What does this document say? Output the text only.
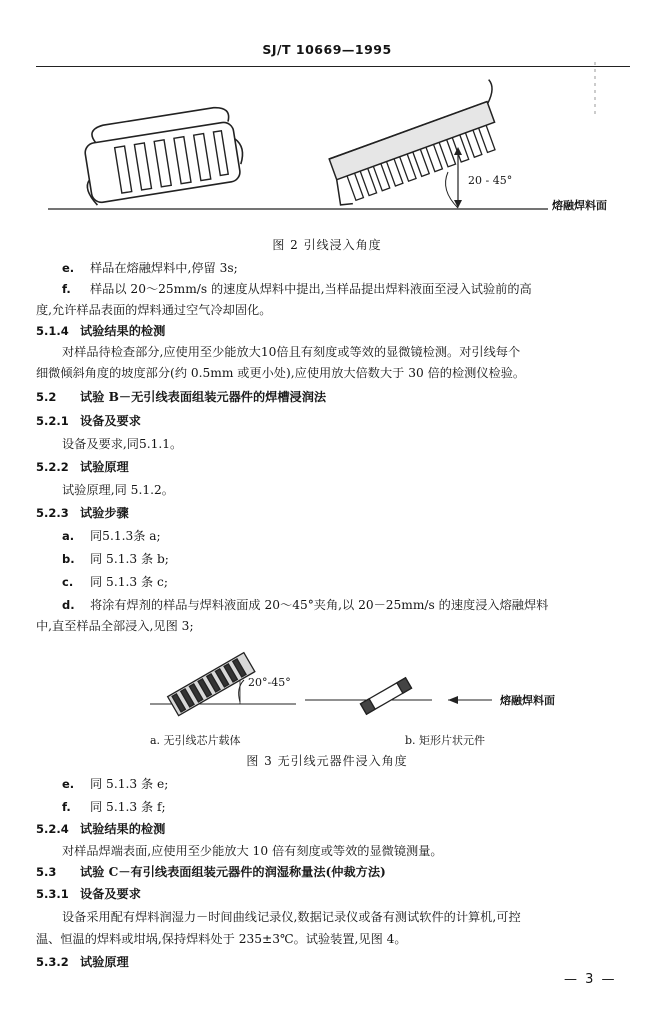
SJ/T 10669—1995
20 - 45°
熔融焊料面
图 2 引线浸入角度
e. 样品在熔融焊料中,停留 3s;
f. 样品以 20～25mm/s 的速度从焊料中提出,当样品提出焊料液面至浸入试验前的高
度,允许样品表面的焊料通过空气冷却固化。
5.1.4 试验结果的检测
对样品待检查部分,应使用至少能放大10倍且有刻度或等效的显微镜检测。对引线每个
细微倾斜角度的坡度部分(约 0.5mm 或更小处),应使用放大倍数大于 30 倍的检测仪检验。
5.2 试验 B－无引线表面组装元器件的焊槽浸润法
5.2.1 设备及要求
设备及要求,同5.1.1。
5.2.2 试验原理
试验原理,同 5.1.2。
5.2.3 试验步骤
a. 同5.1.3条 a;
b. 同 5.1.3 条 b;
c. 同 5.1.3 条 c;
d. 将涂有焊剂的样品与焊料液面成 20～45°夹角,以 20－25mm/s 的速度浸入熔融焊料
中,直至样品全部浸入,见图 3;
20°-45°
熔融焊料面
a. 无引线芯片载体	b. 矩形片状元件
图 3 无引线元器件浸入角度
e. 同 5.1.3 条 e;
f. 同 5.1.3 条 f;
5.2.4 试验结果的检测
对样品焊端表面,应使用至少能放大 10 倍有刻度或等效的显微镜测量。
5.3 试验 C－有引线表面组装元器件的润湿称量法(仲裁方法)
5.3.1 设备及要求
设备采用配有焊料润湿力－时间曲线记录仪,数据记录仪或备有测试软件的计算机,可控
温、恒温的焊料或坩埚,保持焊料处于 235±3℃。试验装置,见图 4。
5.3.2 试验原理
— 3 —
